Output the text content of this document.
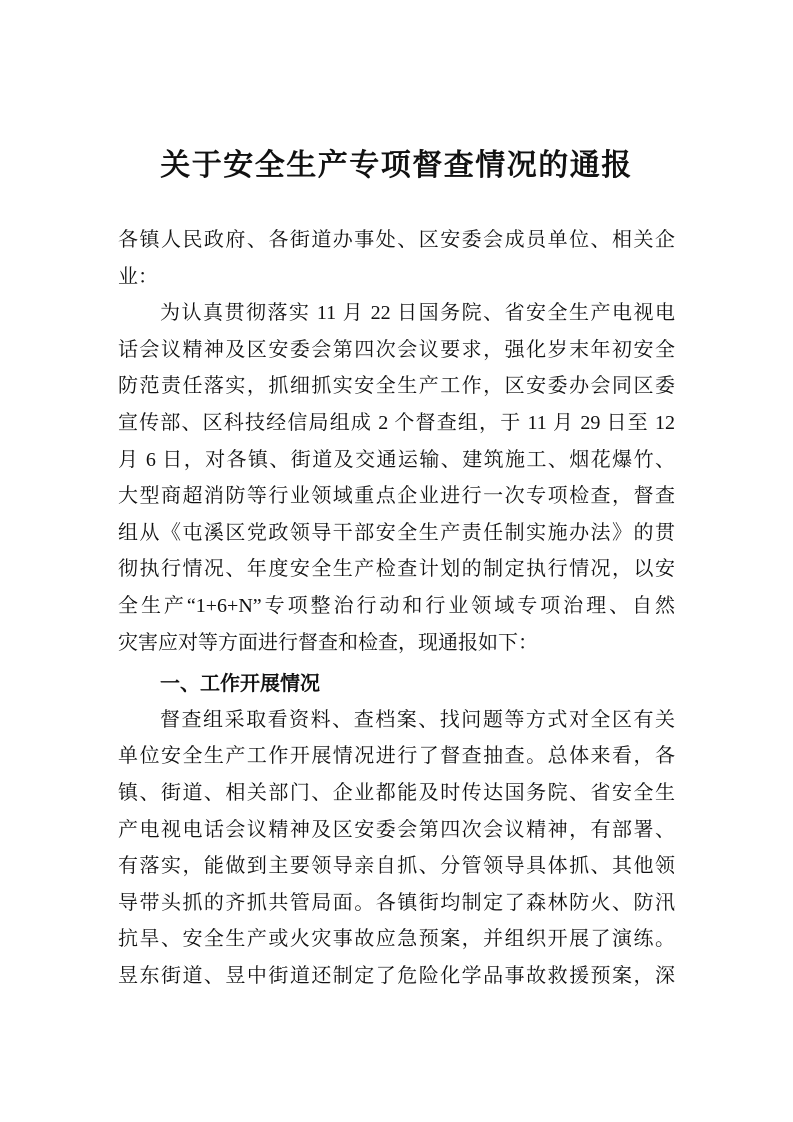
关于安全生产专项督查情况的通报
各镇人民政府、各街道办事处、区安委会成员单位、相关企
业：
为认真贯彻落实 11 月 22 日国务院、省安全生产电视电
话会议精神及区安委会第四次会议要求，强化岁末年初安全
防范责任落实，抓细抓实安全生产工作，区安委办会同区委
宣传部、区科技经信局组成 2 个督查组，于 11 月 29 日至 12
月 6 日，对各镇、街道及交通运输、建筑施工、烟花爆竹、
大型商超消防等行业领域重点企业进行一次专项检查，督查
组从《屯溪区党政领导干部安全生产责任制实施办法》的贯
彻执行情况、年度安全生产检查计划的制定执行情况，以安
全生产“1+6+N”专项整治行动和行业领域专项治理、自然
灾害应对等方面进行督查和检查，现通报如下：
一、工作开展情况
督查组采取看资料、查档案、找问题等方式对全区有关
单位安全生产工作开展情况进行了督查抽查。总体来看，各
镇、街道、相关部门、企业都能及时传达国务院、省安全生
产电视电话会议精神及区安委会第四次会议精神，有部署、
有落实，能做到主要领导亲自抓、分管领导具体抓、其他领
导带头抓的齐抓共管局面。各镇街均制定了森林防火、防汛
抗旱、安全生产或火灾事故应急预案，并组织开展了演练。
昱东街道、昱中街道还制定了危险化学品事故救援预案，深
